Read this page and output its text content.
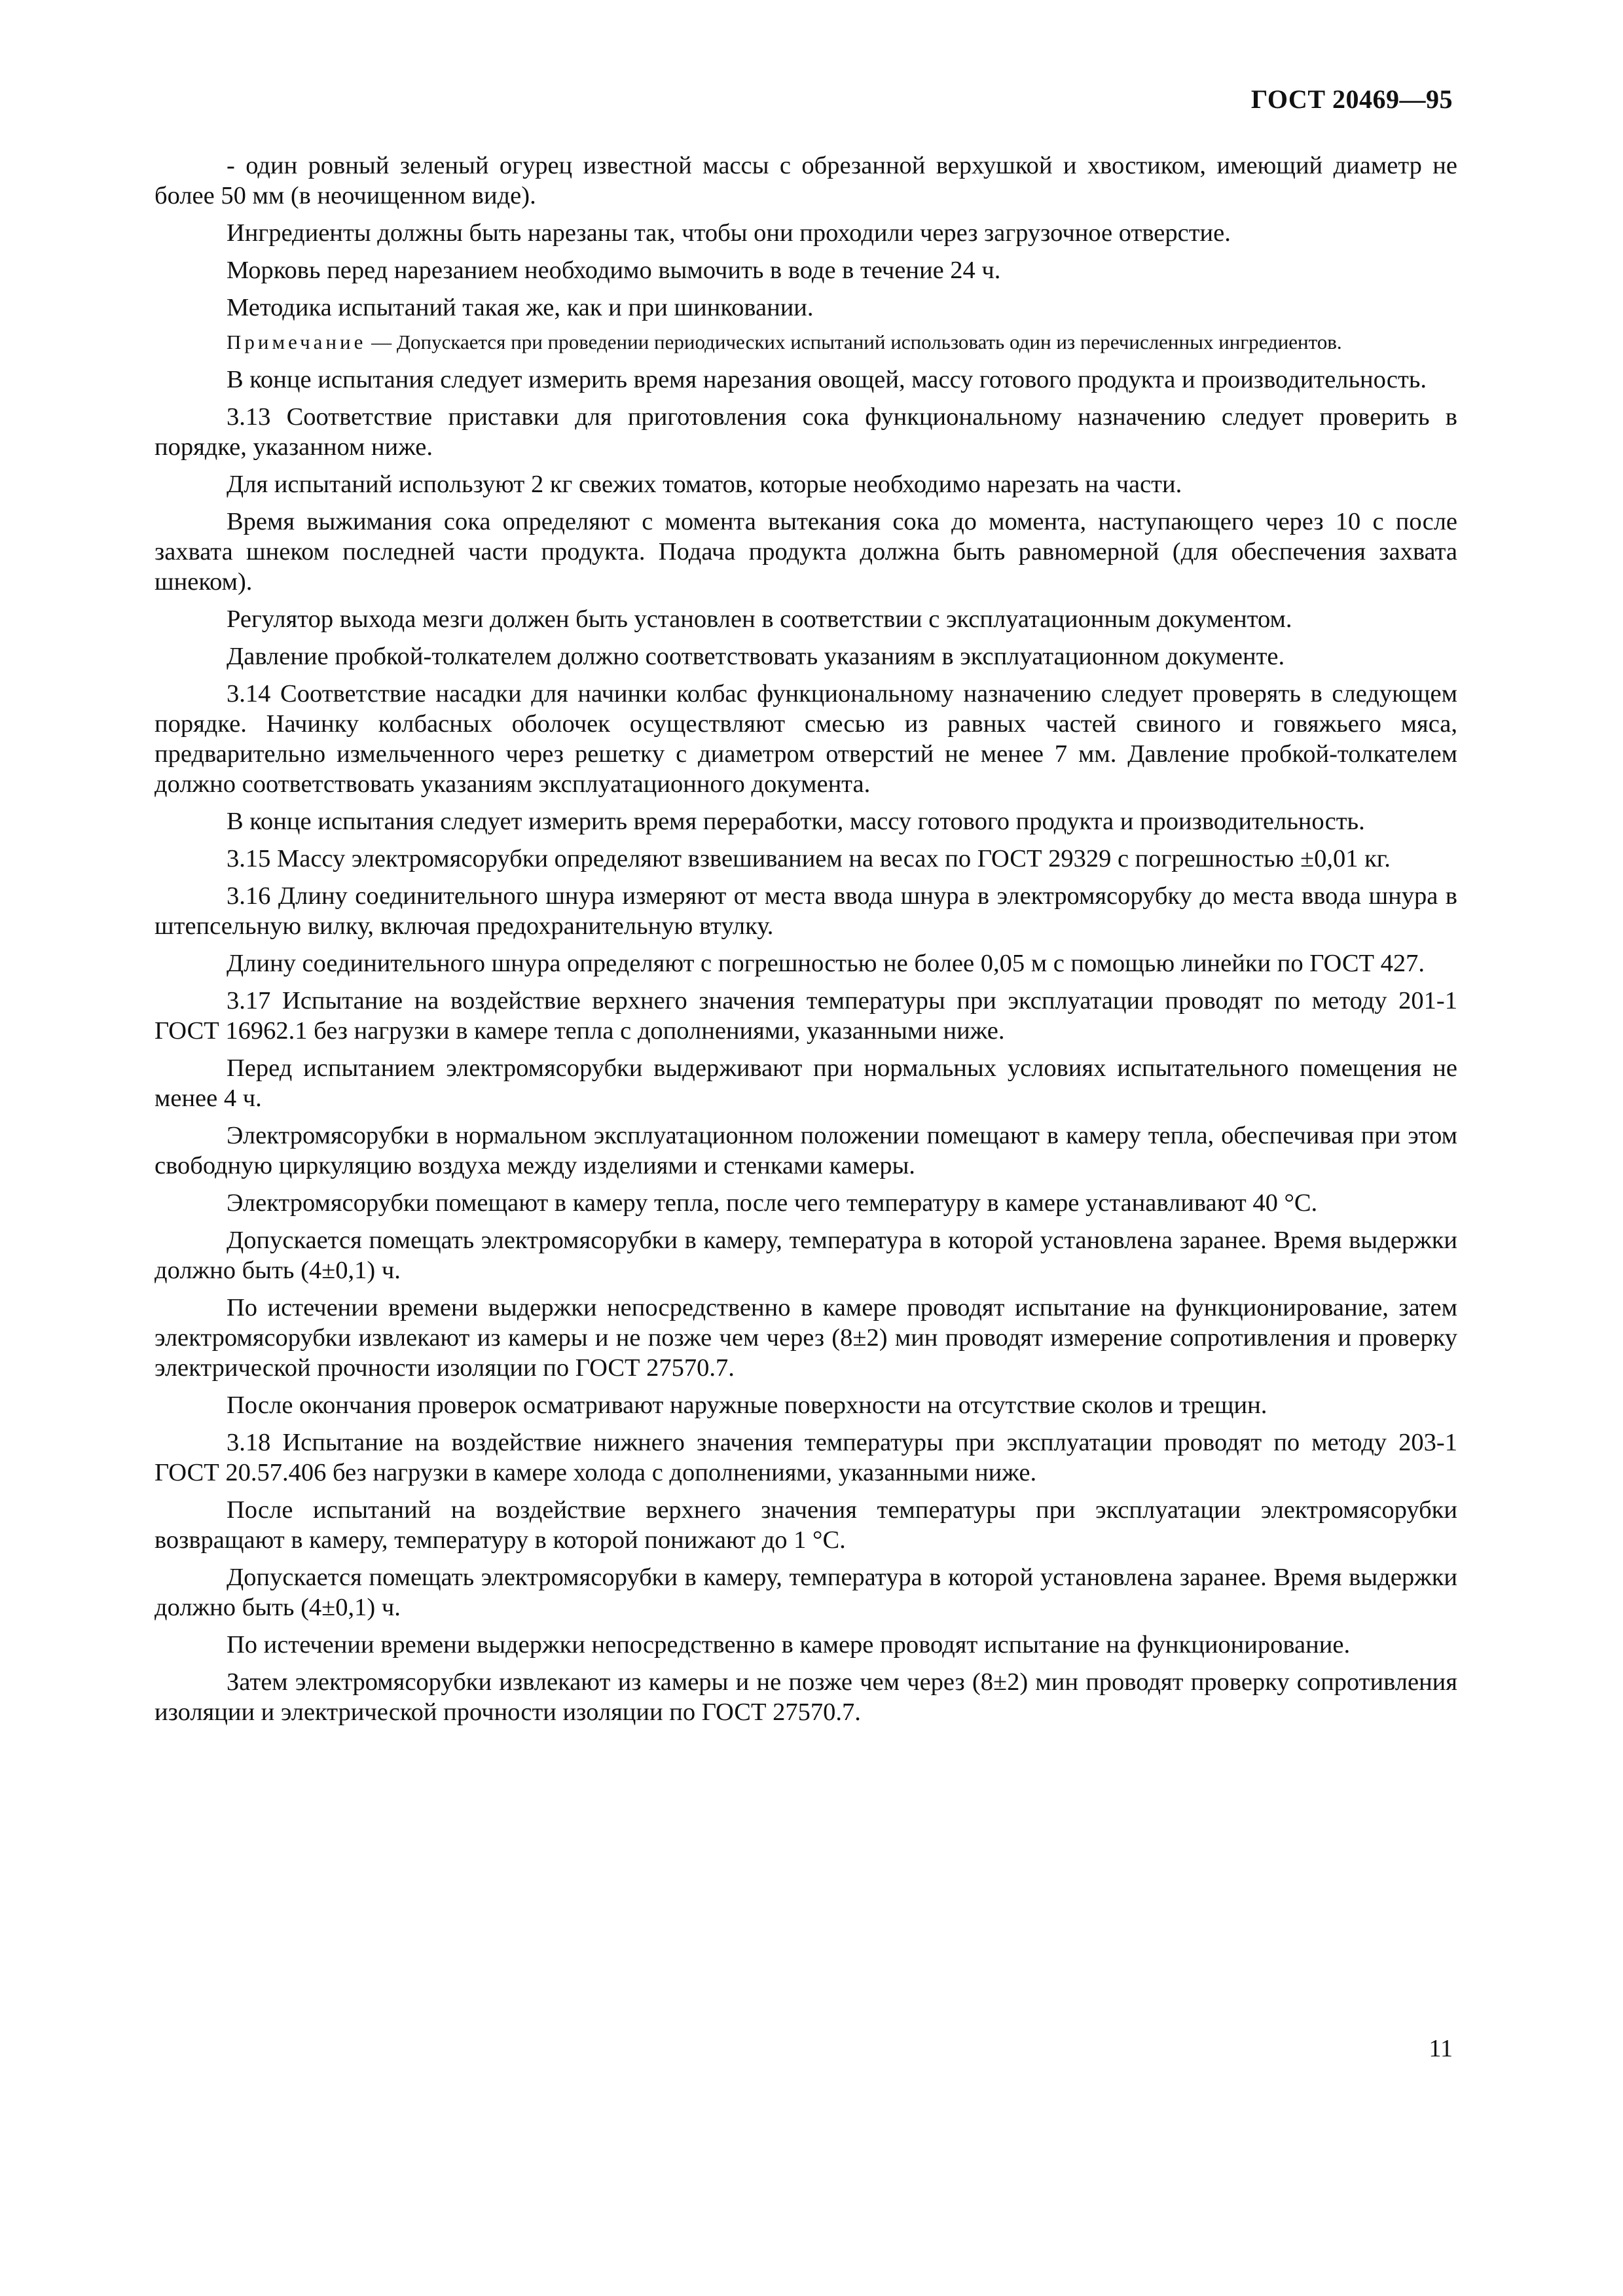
ГОСТ 20469—95

- один ровный зеленый огурец известной массы с обрезанной верхушкой и хвостиком, имеющий диаметр не более 50 мм (в неочищенном виде).

Ингредиенты должны быть нарезаны так, чтобы они проходили через загрузочное отверстие.

Морковь перед нарезанием необходимо вымочить в воде в течение 24 ч.

Методика испытаний такая же, как и при шинковании.

Примечание — Допускается при проведении периодических испытаний использовать один из перечисленных ингредиентов.

В конце испытания следует измерить время нарезания овощей, массу готового продукта и производительность.

3.13 Соответствие приставки для приготовления сока функциональному назначению следует проверить в порядке, указанном ниже.

Для испытаний используют 2 кг свежих томатов, которые необходимо нарезать на части.

Время выжимания сока определяют с момента вытекания сока до момента, наступающего через 10 с после захвата шнеком последней части продукта. Подача продукта должна быть равномерной (для обеспечения захвата шнеком).

Регулятор выхода мезги должен быть установлен в соответствии с эксплуатационным документом.

Давление пробкой-толкателем должно соответствовать указаниям в эксплуатационном документе.

3.14 Соответствие насадки для начинки колбас функциональному назначению следует проверять в следующем порядке. Начинку колбасных оболочек осуществляют смесью из равных частей свиного и говяжьего мяса, предварительно измельченного через решетку с диаметром отверстий не менее 7 мм. Давление пробкой-толкателем должно соответствовать указаниям эксплуатационного документа.

В конце испытания следует измерить время переработки, массу готового продукта и производительность.

3.15 Массу электромясорубки определяют взвешиванием на весах по ГОСТ 29329 с погрешностью ±0,01 кг.

3.16 Длину соединительного шнура измеряют от места ввода шнура в электромясорубку до места ввода шнура в штепсельную вилку, включая предохранительную втулку.

Длину соединительного шнура определяют с погрешностью не более 0,05 м с помощью линейки по ГОСТ 427.

3.17 Испытание на воздействие верхнего значения температуры при эксплуатации проводят по методу 201-1 ГОСТ 16962.1 без нагрузки в камере тепла с дополнениями, указанными ниже.

Перед испытанием электромясорубки выдерживают при нормальных условиях испытательного помещения не менее 4 ч.

Электромясорубки в нормальном эксплуатационном положении помещают в камеру тепла, обеспечивая при этом свободную циркуляцию воздуха между изделиями и стенками камеры.

Электромясорубки помещают в камеру тепла, после чего температуру в камере устанавливают 40 °С.

Допускается помещать электромясорубки в камеру, температура в которой установлена заранее. Время выдержки должно быть (4±0,1) ч.

По истечении времени выдержки непосредственно в камере проводят испытание на функционирование, затем электромясорубки извлекают из камеры и не позже чем через (8±2) мин проводят измерение сопротивления и проверку электрической прочности изоляции по ГОСТ 27570.7.

После окончания проверок осматривают наружные поверхности на отсутствие сколов и трещин.

3.18 Испытание на воздействие нижнего значения температуры при эксплуатации проводят по методу 203-1 ГОСТ 20.57.406 без нагрузки в камере холода с дополнениями, указанными ниже.

После испытаний на воздействие верхнего значения температуры при эксплуатации электромясорубки возвращают в камеру, температуру в которой понижают до 1 °С.

Допускается помещать электромясорубки в камеру, температура в которой установлена заранее. Время выдержки должно быть (4±0,1) ч.

По истечении времени выдержки непосредственно в камере проводят испытание на функционирование.

Затем электромясорубки извлекают из камеры и не позже чем через (8±2) мин проводят проверку сопротивления изоляции и электрической прочности изоляции по ГОСТ 27570.7.

11
